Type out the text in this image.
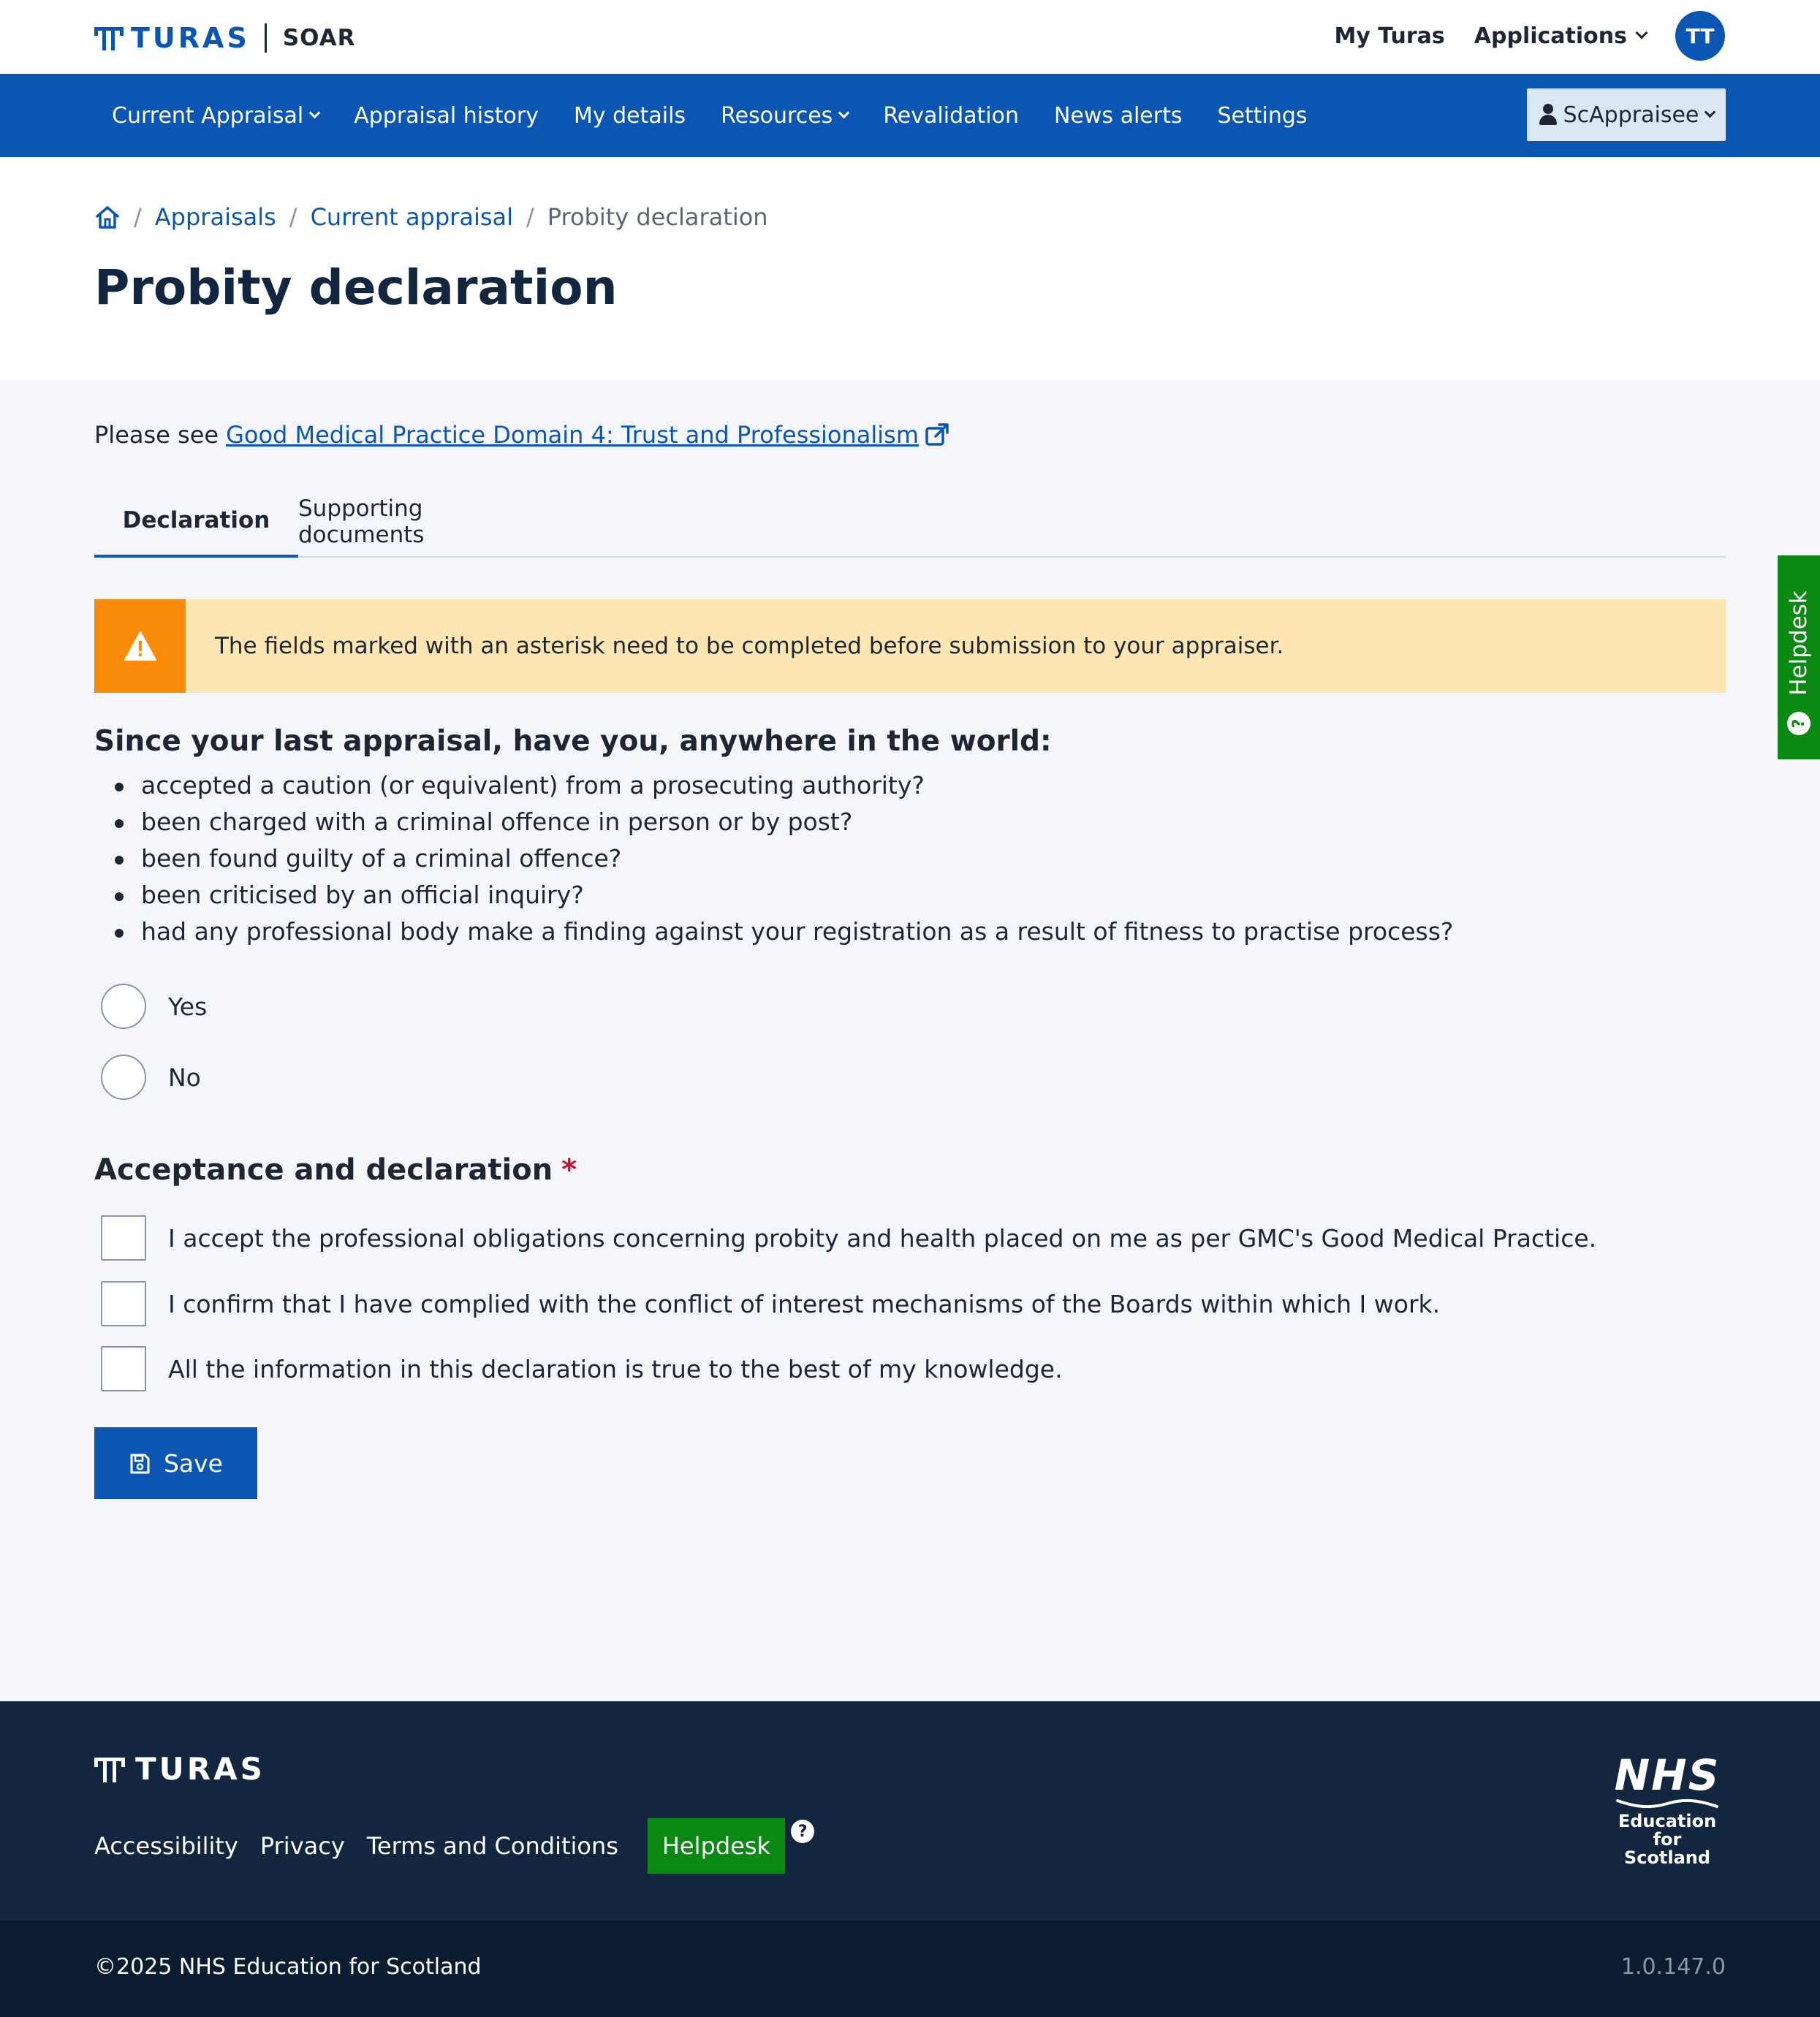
TURAS SOAR	My Turas Applications	TT
Current Appraisal	Appraisal history	My details	Resources	Revalidation	News alerts	Settings	ScAppraisee
/ Appraisals / Current appraisal / Probity declaration
Probity declaration
Please see Good Medical Practice Domain 4: Trust and Professionalism
Declaration	Supporting documents
The fields marked with an asterisk need to be completed before submission to your appraiser.
Since your last appraisal, have you, anywhere in the world:
accepted a caution (or equivalent) from a prosecuting authority?
been charged with a criminal offence in person or by post?
been found guilty of a criminal offence?
been criticised by an official inquiry?
had any professional body make a finding against your registration as a result of fitness to practise process?
Yes
No
Acceptance and declaration *
I accept the professional obligations concerning probity and health placed on me as per GMC's Good Medical Practice.
I confirm that I have complied with the conflict of interest mechanisms of the Boards within which I work.
All the information in this declaration is true to the best of my knowledge.
Save
Helpdesk
?
TURAS
Accessibility Privacy Terms and Conditions	Helpdesk
?
NHS
Education
for
Scotland
©2025 NHS Education for Scotland	1.0.147.0
